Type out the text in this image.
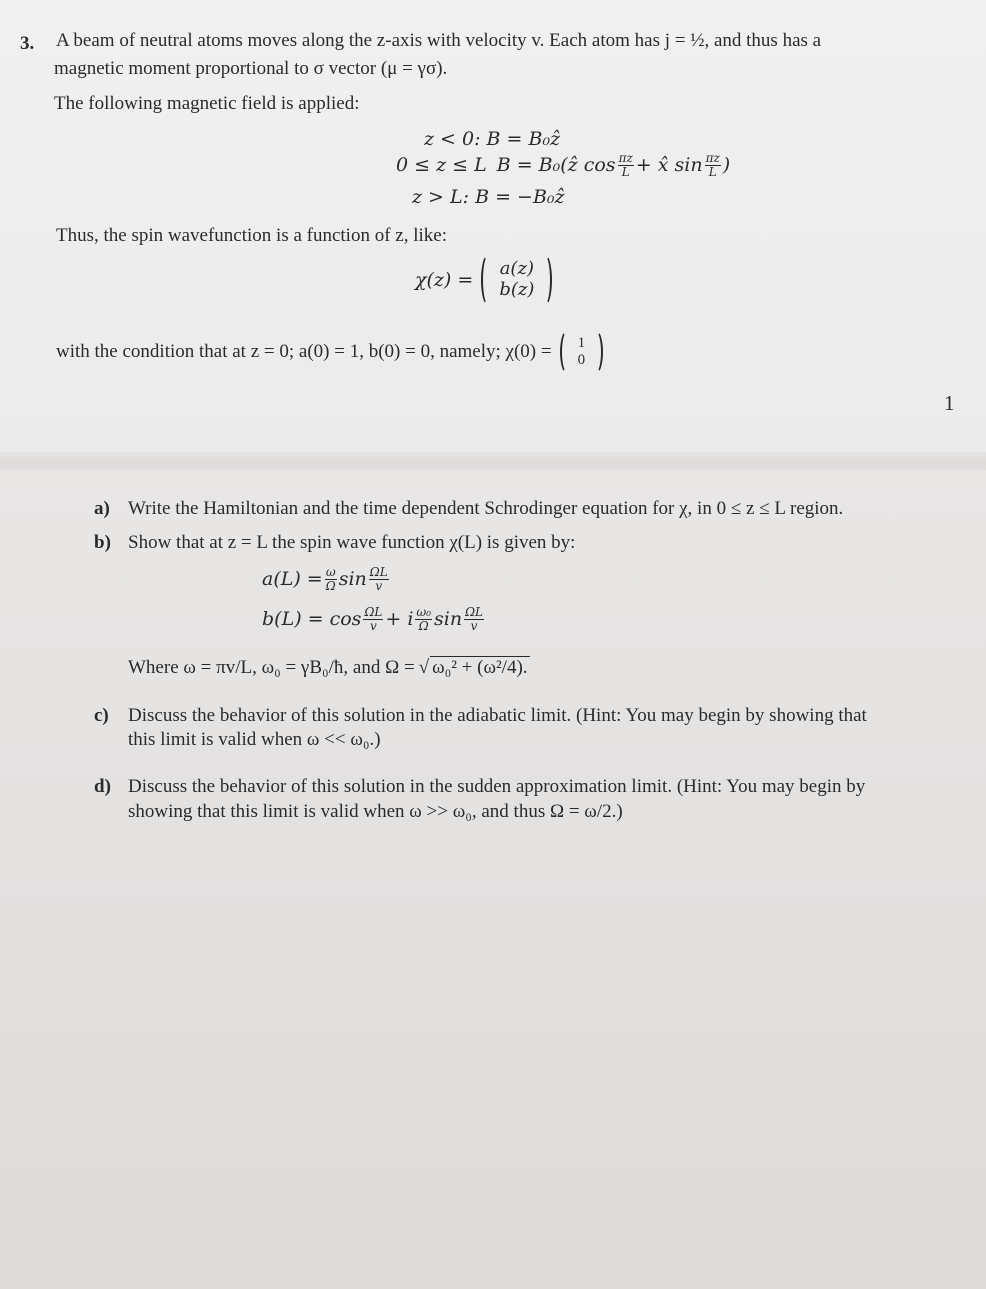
3. A beam of neutral atoms moves along the z-axis with velocity v. Each atom has j = ½, and thus has a
magnetic moment proportional to σ vector (μ = γσ).
The following magnetic field is applied:
z < 0: B = B₀ẑ
0 ≤ z ≤ L B = B₀(ẑ $\cos \frac{\pi z}{L}$ + x̂ $\sin \frac{\pi z}{L}$ )
z > L: B = −B₀ẑ
Thus, the spin wavefunction is a function of z, like:
χ(z) =
a(z)
b(z)
with the condition that at z = 0; a(0) = 1, b(0) = 0, namely; χ(0) = 1
0
1
a) Write the Hamiltonian and the time dependent Schrodinger equation for χ, in 0 ≤ z ≤ L region.
b) Show that at z = L the spin wave function χ(L) is given by:
$a(L) = \frac{\omega}{\Omega}$ $\sin \frac{\Omega L}{v}$
$b(L) = \cos \frac{\Omega L}{v} + i \frac{\text{ω₀}}{\Omega}$ $\sin \frac{\Omega L}{v}$
Where ω = πv/L, ω₀ = γB₀/ħ, and Ω = √ ω₀² + (ω²/4).
c) Discuss the behavior of this solution in the adiabatic limit. (Hint: You may begin by showing that
this limit is valid when ω << ω₀.)
d) Discuss the behavior of this solution in the sudden approximation limit. (Hint: You may begin by
showing that this limit is valid when ω >> ω₀, and thus Ω = ω/2.)
